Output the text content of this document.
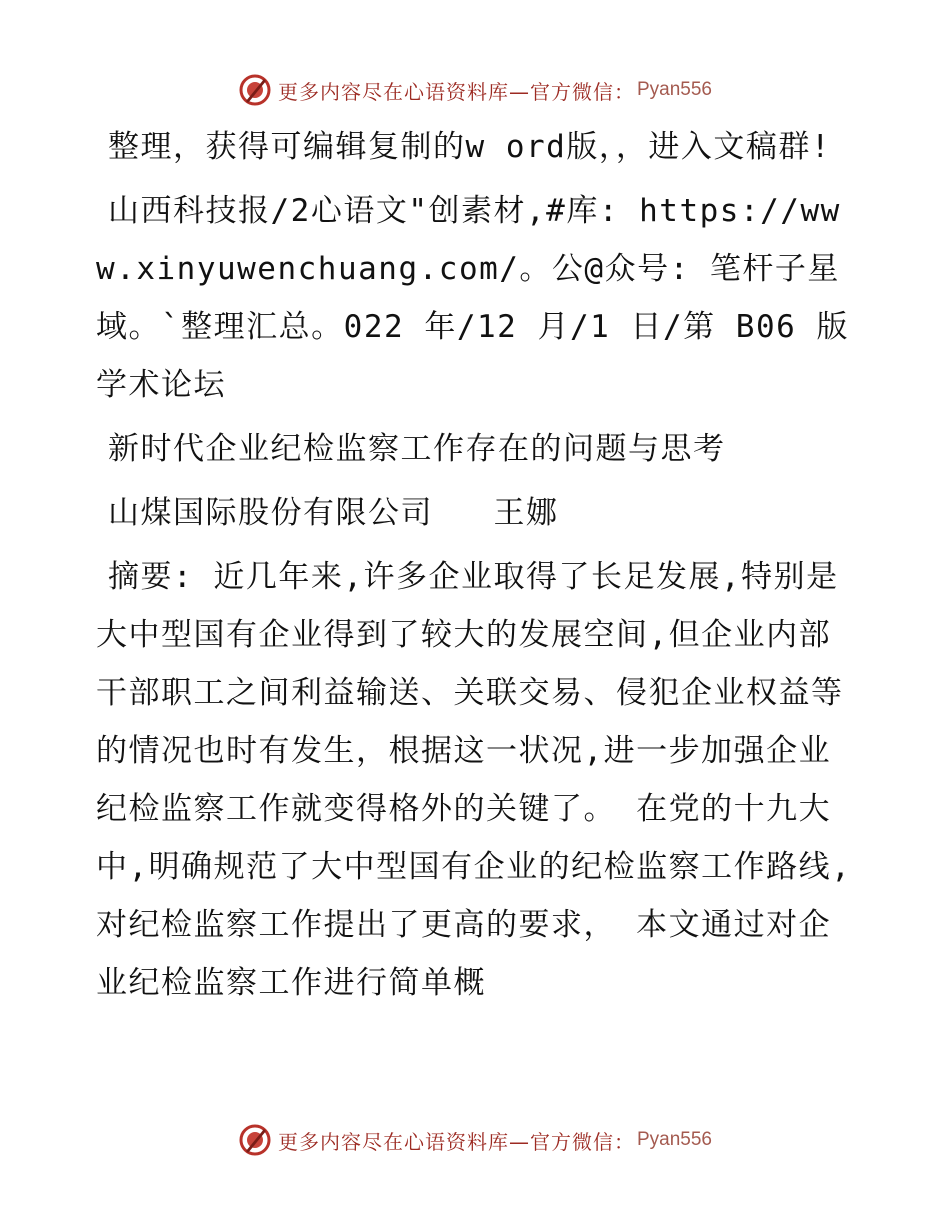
更多内容尽在心语资料库—官方微信： Pyan556

整理，获得可编辑复制的w ord版，，进入文稿群!

山西科技报/2心语文"创素材,#库: https://www.xinyuwenchuang.com/。公@众号: 笔杆子星域。`整理汇总。022 年/12 月/1 日/第 B06 版学术论坛

新时代企业纪检监察工作存在的问题与思考

山煤国际股份有限公司   王娜

摘要: 近几年来,许多企业取得了长足发展,特别是大中型国有企业得到了较大的发展空间,但企业内部干部职工之间利益输送、关联交易、侵犯企业权益等的情况也时有发生，根据这一状况,进一步加强企业纪检监察工作就变得格外的关键了。 在党的十九大中,明确规范了大中型国有企业的纪检监察工作路线,对纪检监察工作提出了更高的要求， 本文通过对企业纪检监察工作进行简单概

更多内容尽在心语资料库—官方微信： Pyan556
